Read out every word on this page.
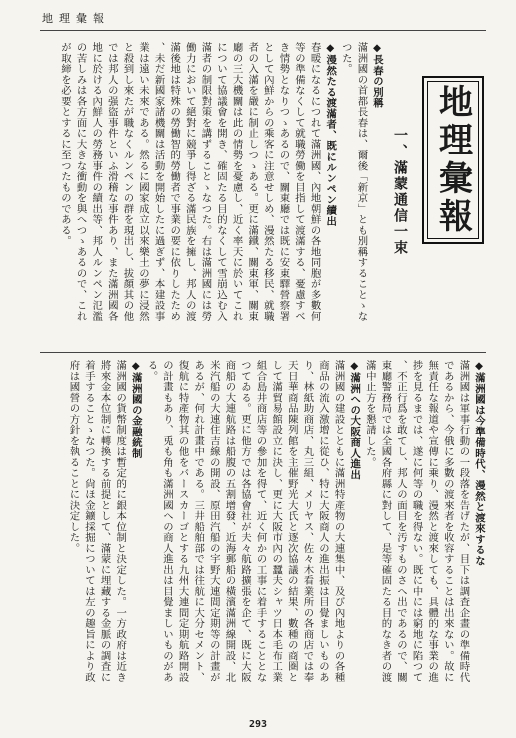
地理彙報
地理彙報
一、滿蒙通信一束
◆長春の別稱
滿洲國の首都長春は、爾後「新京」とも別稱することゝな
つた。
◆漫然たる渡滿者、既にルンペン續出
春暖になるにつれて滿洲國、內地朝鮮の各地同胞が多數何
等の準備なくして就職勞働を目指して渡滿する、憂慮すべ
き情勢となりつゝあるので、關東廳では既に安東驛營察署
として內鮮からの乘客に注意せしめ、漫然たる移民、就職
者の入滿を嚴に制止しつゝある。更に滿鐵、關東軍、關東
廳の三大機關は此の情勢を憂慮し、近く率天に於いてこれ
について協議會を開き、確固たる目的なくして雪崩込む入
滿者の制限對策を講ずることゝなつた。右は滿洲國には勞
働力において絕對に競爭し得ざる滿民族を擁し、邦人の渡
滿後地は特殊の勞働智的勞働者で事業の要に依りしたため
、未だ新國家諸機關は活動を開始したに過ぎず、本建設事
業は遠い未來である。然るに國家成立以來樂土の夢に浸然
と殺到し來たが職なくルンペンの群を現出し、拔顏其の他
では邦人の强盜事件といふ滑稽な事件あり、また滿洲國各
地に於ける內鮮人の勞務事件の續出等、邦人ルンペン氾濫
の苦しみは各方面に大きな衝動を與へつゝあるので、これ
が取締を必要とするに至つたものである。
◆滿洲國は今準備時代、漫然と渡來するな
滿洲國は軍事行動の一段落を告げたが、目下は調査企畫の準備時代
であるから、今俄に多數の渡來者を收容することは出來ない。故に
無責任な報道や宣傳に乘り、漫然と渡來しても、具體的な事業の進
捗を見るまでは、遂に何等の職を得ない。既に中には窮地に陷つて
、不正行爲を敢てし、邦人の面目を汚すものさへ出であるので、關
東廳警務局では全國各府縣に對して、是等確固たる目的なき者の渡
滿中止方を懇請した。
◆滿洲への大阪商人進出
滿洲國の建設とともに滿洲特產物の大連集中、及び內地よりの各種
商品の流入激增に從ひ、特に大阪商人の進出振は目覺ましいものあ
り、林紙助商店、丸三組、メリヤス、佐々木看業所の各商店では奉
天日華商品陳列館を主催野光大氏と逐次協議の結果、數種の商圏と
して滿貿易館設立に決し、更に大阪市內の蠶夫シャツ日本毛布工業
組合島井商店等の參加を得て、近く何かの工事に着手することとな
つてゐる。更に他方では各協會社が夫々航路擴張を企て、既に大阪
商船の大連航路は船腹の五割增發、近海郵船の橫濱滿洲線開設、北
米汽船の大連住吉線の開設、原田汽船の宇野大連間定期等の計畫が
あるが、何れ計畫中である。三井船舶部では往航に大分セメント、
復航に特產物其の他をバースカーゴとする九州大連間定期航路開設
の計畫もあり、兎も角も滿洲國への商人進出は目覺ましいものがあ
る。
◆滿洲國の金融統制
滿洲國の貨幣制度は暫定的に銀本位制と決定した。一方政府は近き
將來金本位制に轉換する前提として、滿蒙に埋藏する金脈の調査に
着手することゝなつた。尙ほ金鑛採掘については左の趣旨により政
府は國營の方針を執ることに決定した。
293
